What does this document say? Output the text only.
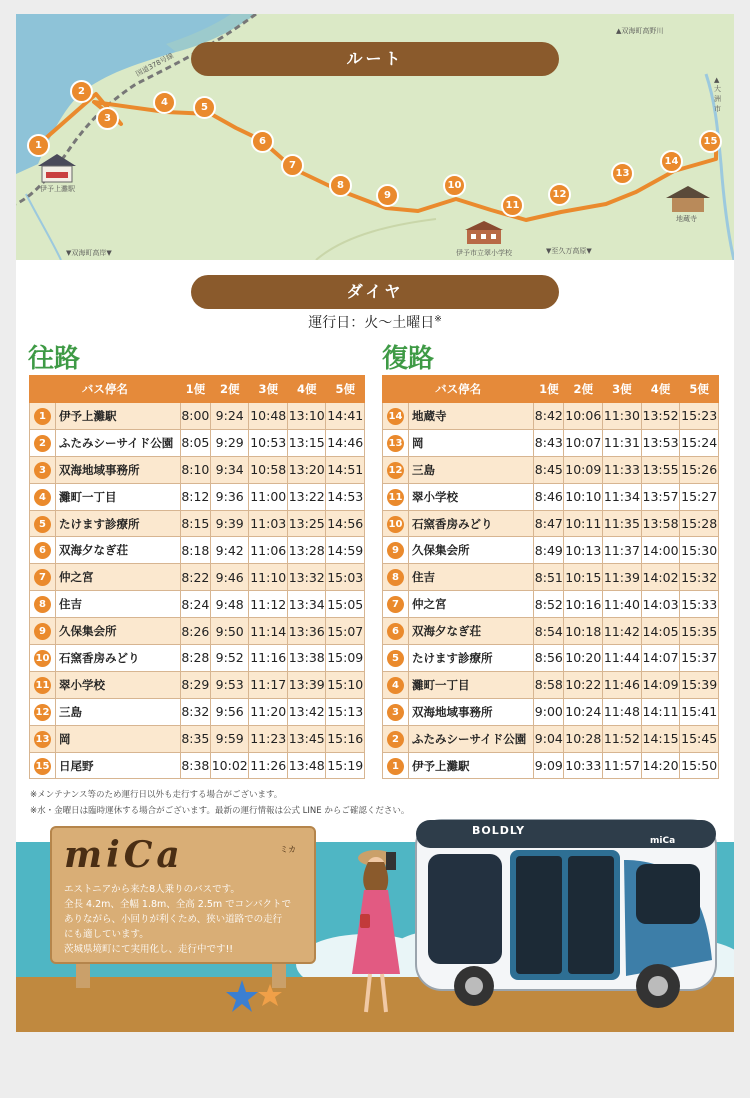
ルート
1
2
3
4	5
6
7
8
9
10
11
12
13
14
15
伊予上灘駅
伊予市立翠小学校
地蔵寺
▲双海町高野川
▼双海町高岸▼	▼至久万高原▼
国道378号線
▲大洲市
ダイヤ
運行日：火～土曜日※
往路	復路
バス停名		1便	2便	3便	4便	5便
1	伊予上灘駅	8:00	9:24	10:48	13:10	14:41
2	ふたみシーサイド公園	8:05	9:29	10:53	13:15	14:46
3	双海地域事務所	8:10	9:34	10:58	13:20	14:51
4	灘町一丁目	8:12	9:36	11:00	13:22	14:53
5	たけます診療所	8:15	9:39	11:03	13:25	14:56
6	双海夕なぎ荘	8:18	9:42	11:06	13:28	14:59
7	仲之宮	8:22	9:46	11:10	13:32	15:03
8	住吉	8:24	9:48	11:12	13:34	15:05
9	久保集会所	8:26	9:50	11:14	13:36	15:07
10	石窯香房みどり	8:28	9:52	11:16	13:38	15:09
11	翠小学校	8:29	9:53	11:17	13:39	15:10
12	三島	8:32	9:56	11:20	13:42	15:13
13	岡	8:35	9:59	11:23	13:45	15:16
15	日尾野	8:38	10:02	11:26	13:48	15:19
バス停名		1便	2便	3便	4便	5便
14	地蔵寺	8:42	10:06	11:30	13:52	15:23
13	岡	8:43	10:07	11:31	13:53	15:24
12	三島	8:45	10:09	11:33	13:55	15:26
11	翠小学校	8:46	10:10	11:34	13:57	15:27
10	石窯香房みどり	8:47	10:11	11:35	13:58	15:28
9	久保集会所	8:49	10:13	11:37	14:00	15:30
8	住吉	8:51	10:15	11:39	14:02	15:32
7	仲之宮	8:52	10:16	11:40	14:03	15:33
6	双海夕なぎ荘	8:54	10:18	11:42	14:05	15:35
5	たけます診療所	8:56	10:20	11:44	14:07	15:37
4	灘町一丁目	8:58	10:22	11:46	14:09	15:39
3	双海地域事務所	9:00	10:24	11:48	14:11	15:41
2	ふたみシーサイド公園	9:04	10:28	11:52	14:15	15:45
1	伊予上灘駅	9:09	10:33	11:57	14:20	15:50
※メンテナンス等のため運行日以外も走行する場合がございます。
※水・金曜日は臨時運休する場合がございます。最新の運行情報は公式 LINE からご確認ください。
miCa	ミカ
エストニアから来た8人乗りのバスです。
全長 4.2m、全幅 1.8m、全高 2.5m でコンパクトで
ありながら、小回りが利くため、狭い道路での走行
にも適しています。
茨城県境町にて実用化し、走行中です!!
BOLDLY
miCa
